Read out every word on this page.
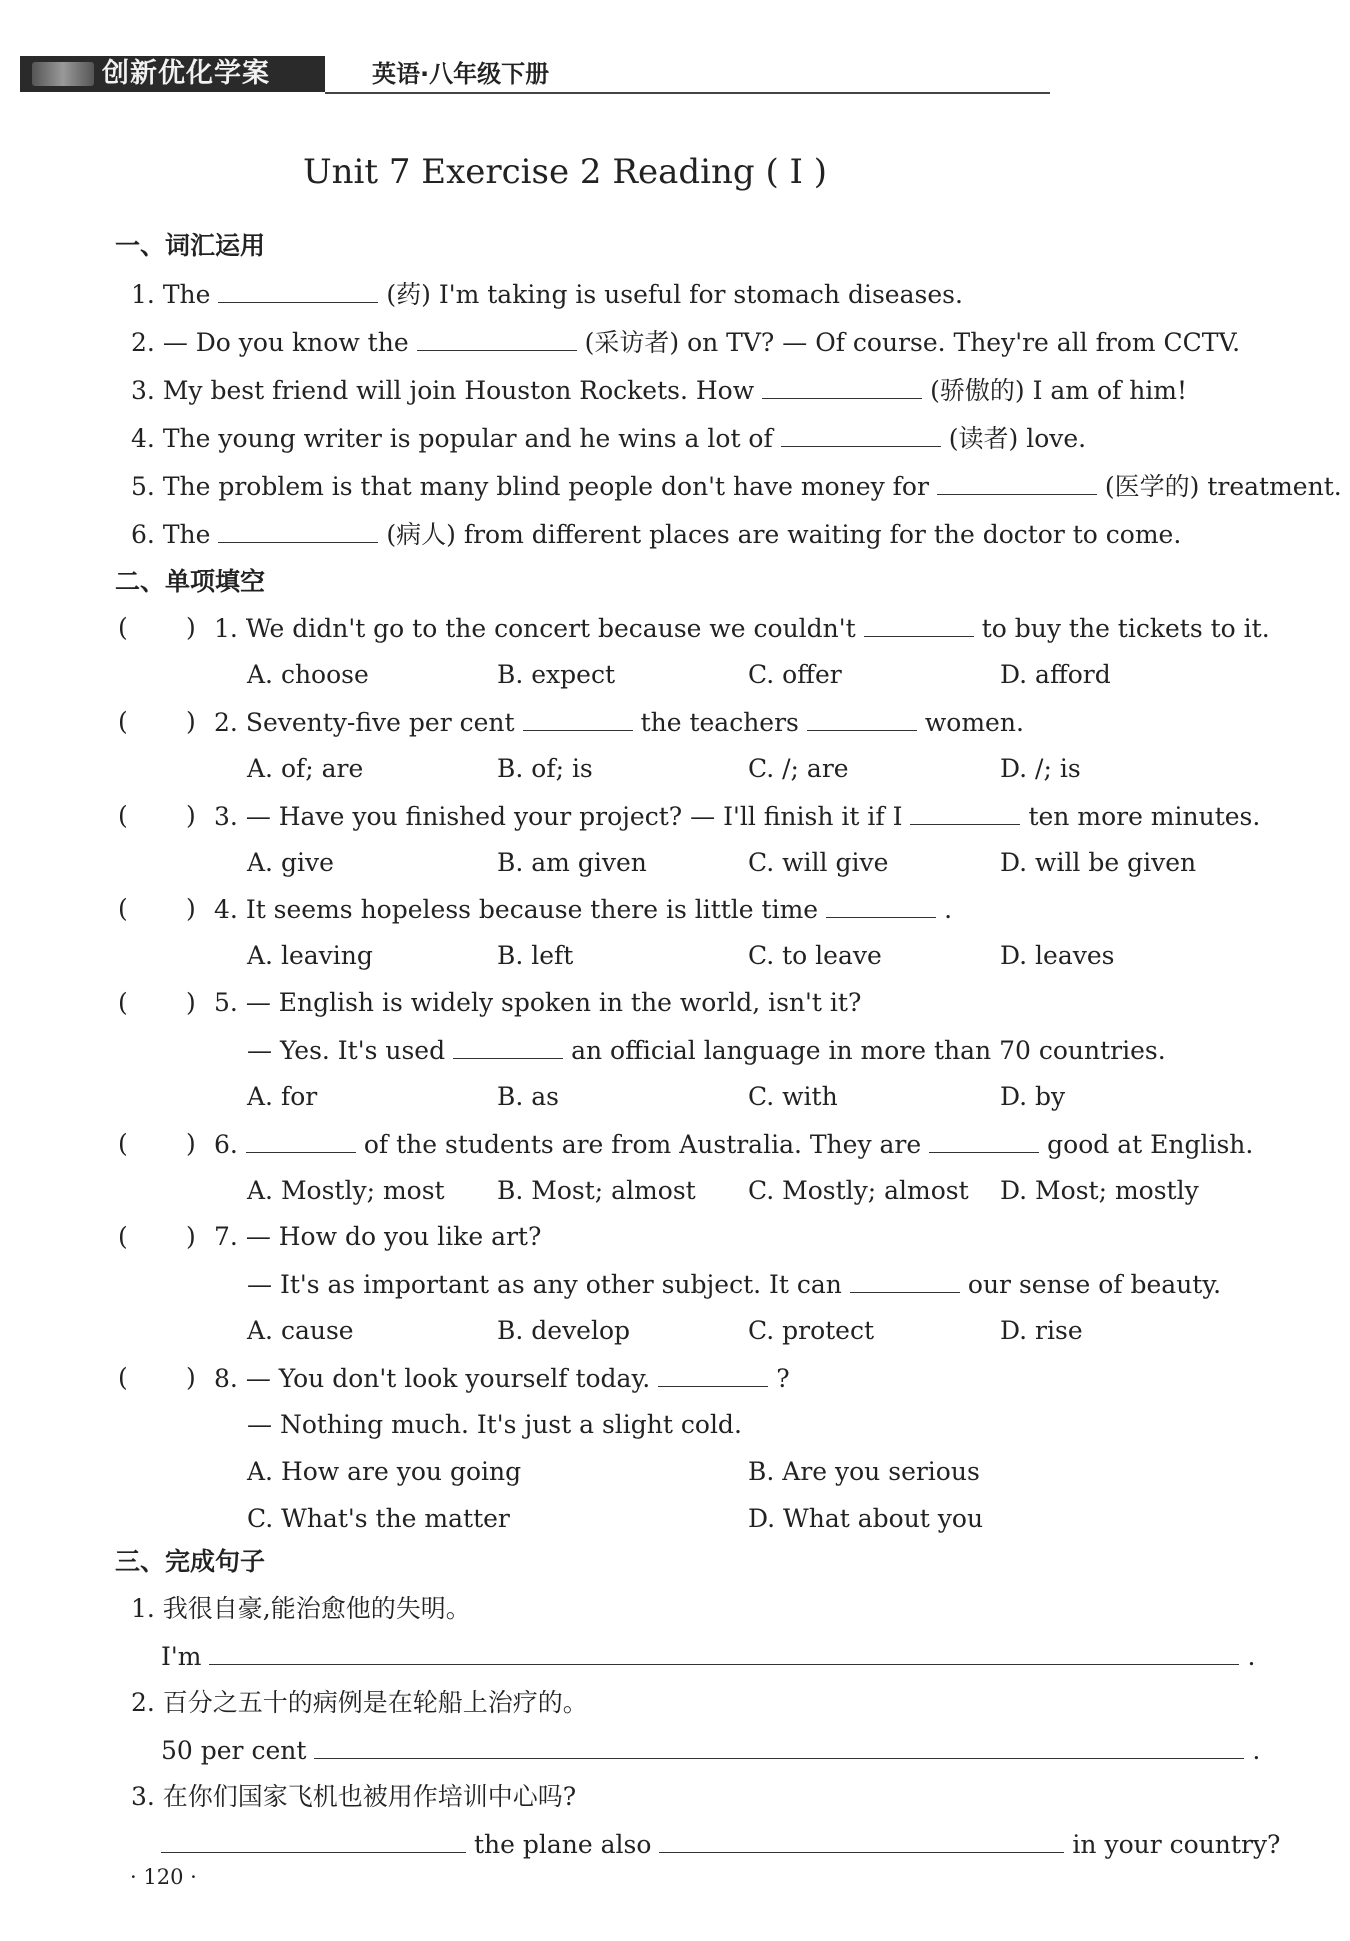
创新优化学案	英语·八年级下册
Unit 7 Exercise 2 Reading ( Ⅰ )
一、词汇运用
1. The	(药) I'm taking is useful for stomach diseases.
2. — Do you know the	(采访者) on TV? — Of course. They're all from CCTV.
3. My best friend will join Houston Rockets. How	(骄傲的) I am of him!
4. The young writer is popular and he wins a lot of	(读者) love.
5. The problem is that many blind people don't have money for	(医学的) treatment.
6. The	(病人) from different places are waiting for the doctor to come.
二、单项填空
( ) 1. We didn't go to the concert because we couldn't	to buy the tickets to it.
A. choose	B. expect	C. offer	D. afford
( ) 2. Seventy-five per cent	the teachers	women.
A. of; are	B. of; is	C. /; are	D. /; is
( ) 3. — Have you finished your project? — I'll finish it if I	ten more minutes.
A. give	B. am given	C. will give	D. will be given
( ) 4. It seems hopeless because there is little time	.
A. leaving	B. left	C. to leave	D. leaves
( ) 5. — English is widely spoken in the world, isn't it?
— Yes. It's used	an official language in more than 70 countries.
A. for	B. as	C. with	D. by
( ) 6.	of the students are from Australia. They are	good at English.
A. Mostly; most B. Most; almost C. Mostly; almost D. Most; mostly
( ) 7. — How do you like art?
— It's as important as any other subject. It can	our sense of beauty.
A. cause	B. develop	C. protect	D. rise
( ) 8. — You don't look yourself today.	?
— Nothing much. It's just a slight cold.
A. How are you going	B. Are you serious
C. What's the matter	D. What about you
三、完成句子
1. 我很自豪,能治愈他的失明。
I'm	.
2. 百分之五十的病例是在轮船上治疗的。
50 per cent	.
3. 在你们国家飞机也被用作培训中心吗?
the plane also	in your country?
· 120 ·
